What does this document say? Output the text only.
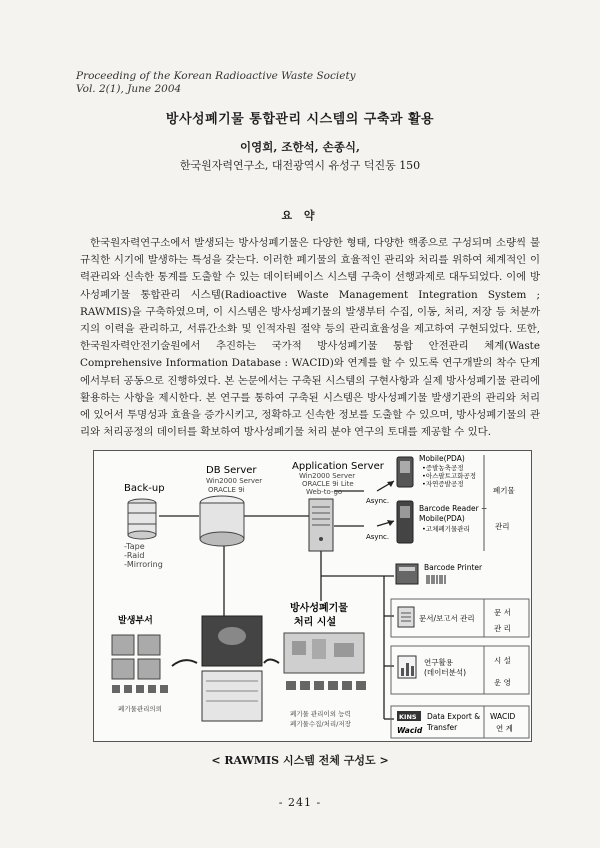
Proceeding of the Korean Radioactive Waste Society
Vol. 2(1), June 2004
방사성폐기물 통합관리 시스템의 구축과 활용
이영희, 조한석, 손종식,
한국원자력연구소, 대전광역시 유성구 덕진동 150
요 약
한국원자력연구소에서 발생되는 방사성폐기물은 다양한 형태, 다양한 핵종으로 구성되며 소량씩 불규칙한 시기에 발생하는 특성을 갖는다. 이러한 폐기물의 효율적인 관리와 처리를 위하여 체계적인 이력관리와 신속한 통계를 도출할 수 있는 데이터베이스 시스템 구축이 선행과제로 대두되었다. 이에 방사성폐기물 통합관리 시스템(Radioactive Waste Management Integration System ; RAWMIS)을 구축하였으며, 이 시스템은 방사성폐기물의 발생부터 수집, 이동, 처리, 저장 등 처분까지의 이력을 관리하고, 서류간소화 및 인적자원 절약 등의 관리효율성을 제고하여 구현되었다. 또한, 한국원자력안전기술원에서 추진하는 국가적 방사성폐기물 통합 안전관리 체계(Waste Comprehensive Information Database : WACID)와 연계를 할 수 있도록 연구개발의 착수 단계에서부터 공동으로 진행하였다. 본 논문에서는 구축된 시스템의 구현사항과 실제 방사성폐기물 관리에 활용하는 사항을 제시한다. 본 연구를 통하여 구축된 시스템은 방사성폐기물 발생기관의 관리와 처리에 있어서 투명성과 효율을 증가시키고, 정확하고 신속한 정보를 도출할 수 있으며, 방사성폐기물의 관리와 처리공정의 데이터를 확보하여 방사성폐기물 처리 분야 연구의 토대를 제공할 수 있다.
Back-up
-Tape
-Raid
-Mirroring
DB Server
Win2000 Server
ORACLE 9i
Application Server
Win2000 Server
ORACLE 9i Lite
Web-to-go
Async.
Async.
Mobile(PDA)
•증발농축공정
•아스팔트고화공정
•자연증발공정
Barcode Reader +
Mobile(PDA)
•고체폐기물관리
폐기물
관리
Barcode Printer
문서/보고서 관리
문 서
관 리
연구활용
(데이터분석)
시 설
운 영
KINS
Wacid
Data Export &
Transfer
WACID
연 계
방사성폐기물
처리 시설
폐기물 관리이외 능력
폐기물수집/처리/저장
발생부서
폐기물관리의뢰
< RAWMIS 시스템 전체 구성도 >
- 241 -
